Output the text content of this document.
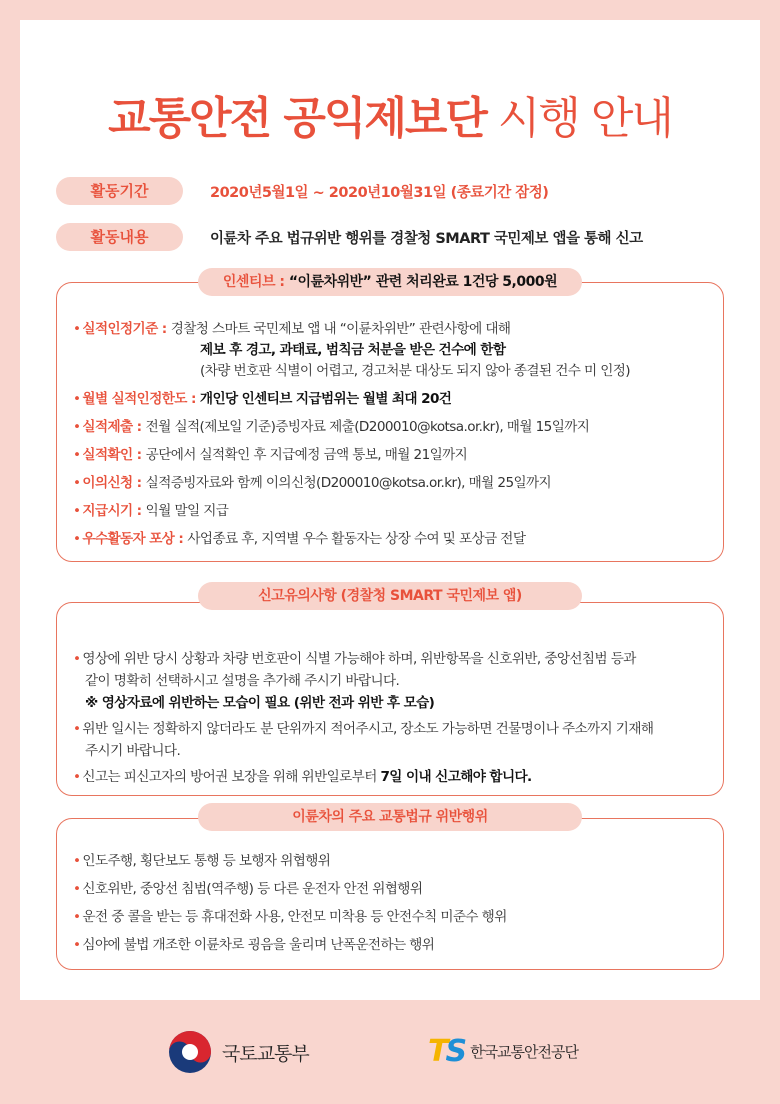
교통안전 공익제보단 시행 안내
활동기간	2020년5월1일 ~ 2020년10월31일 (종료기간 잠정)
활동내용	이륜차 주요 법규위반 행위를 경찰청 SMART 국민제보 앱을 통해 신고
• 실적인정기준 : 경찰청 스마트 국민제보 앱 내 “이륜차위반” 관련사항에 대해
제보 후 경고, 과태료, 범칙금 처분을 받은 건수에 한함
(차량 번호판 식별이 어렵고, 경고처분 대상도 되지 않아 종결된 건수 미 인정)
• 월별 실적인정한도 : 개인당 인센티브 지급범위는 월별 최대 20건
• 실적제출 : 전월 실적(제보일 기준)증빙자료 제출(D200010@kotsa.or.kr), 매월 15일까지
• 실적확인 : 공단에서 실적확인 후 지급예정 금액 통보, 매월 21일까지
• 이의신청 : 실적증빙자료와 함께 이의신청(D200010@kotsa.or.kr), 매월 25일까지
• 지급시기 : 익월 말일 지급
• 우수활동자 포상 : 사업종료 후, 지역별 우수 활동자는 상장 수여 및 포상금 전달
인센티브 : “이륜차위반” 관련 처리완료 1건당 5,000원
• 영상에 위반 당시 상황과 차량 번호판이 식별 가능해야 하며, 위반항목을 신호위반, 중앙선침범 등과
같이 명확히 선택하시고 설명을 추가해 주시기 바랍니다.
※ 영상자료에 위반하는 모습이 필요 (위반 전과 위반 후 모습)
• 위반 일시는 정확하지 않더라도 분 단위까지 적어주시고, 장소도 가능하면 건물명이나 주소까지 기재해
주시기 바랍니다.
• 신고는 피신고자의 방어권 보장을 위해 위반일로부터 7일 이내 신고해야 합니다.
신고유의사항 (경찰청 SMART 국민제보 앱)
• 인도주행, 횡단보도 통행 등 보행자 위협행위
• 신호위반, 중앙선 침범(역주행) 등 다른 운전자 안전 위협행위
• 운전 중 콜을 받는 등 휴대전화 사용, 안전모 미착용 등 안전수칙 미준수 행위
• 심야에 불법 개조한 이륜차로 굉음을 울리며 난폭운전하는 행위
이륜차의 주요 교통법규 위반행위
국토교통부	TS 한국교통안전공단
